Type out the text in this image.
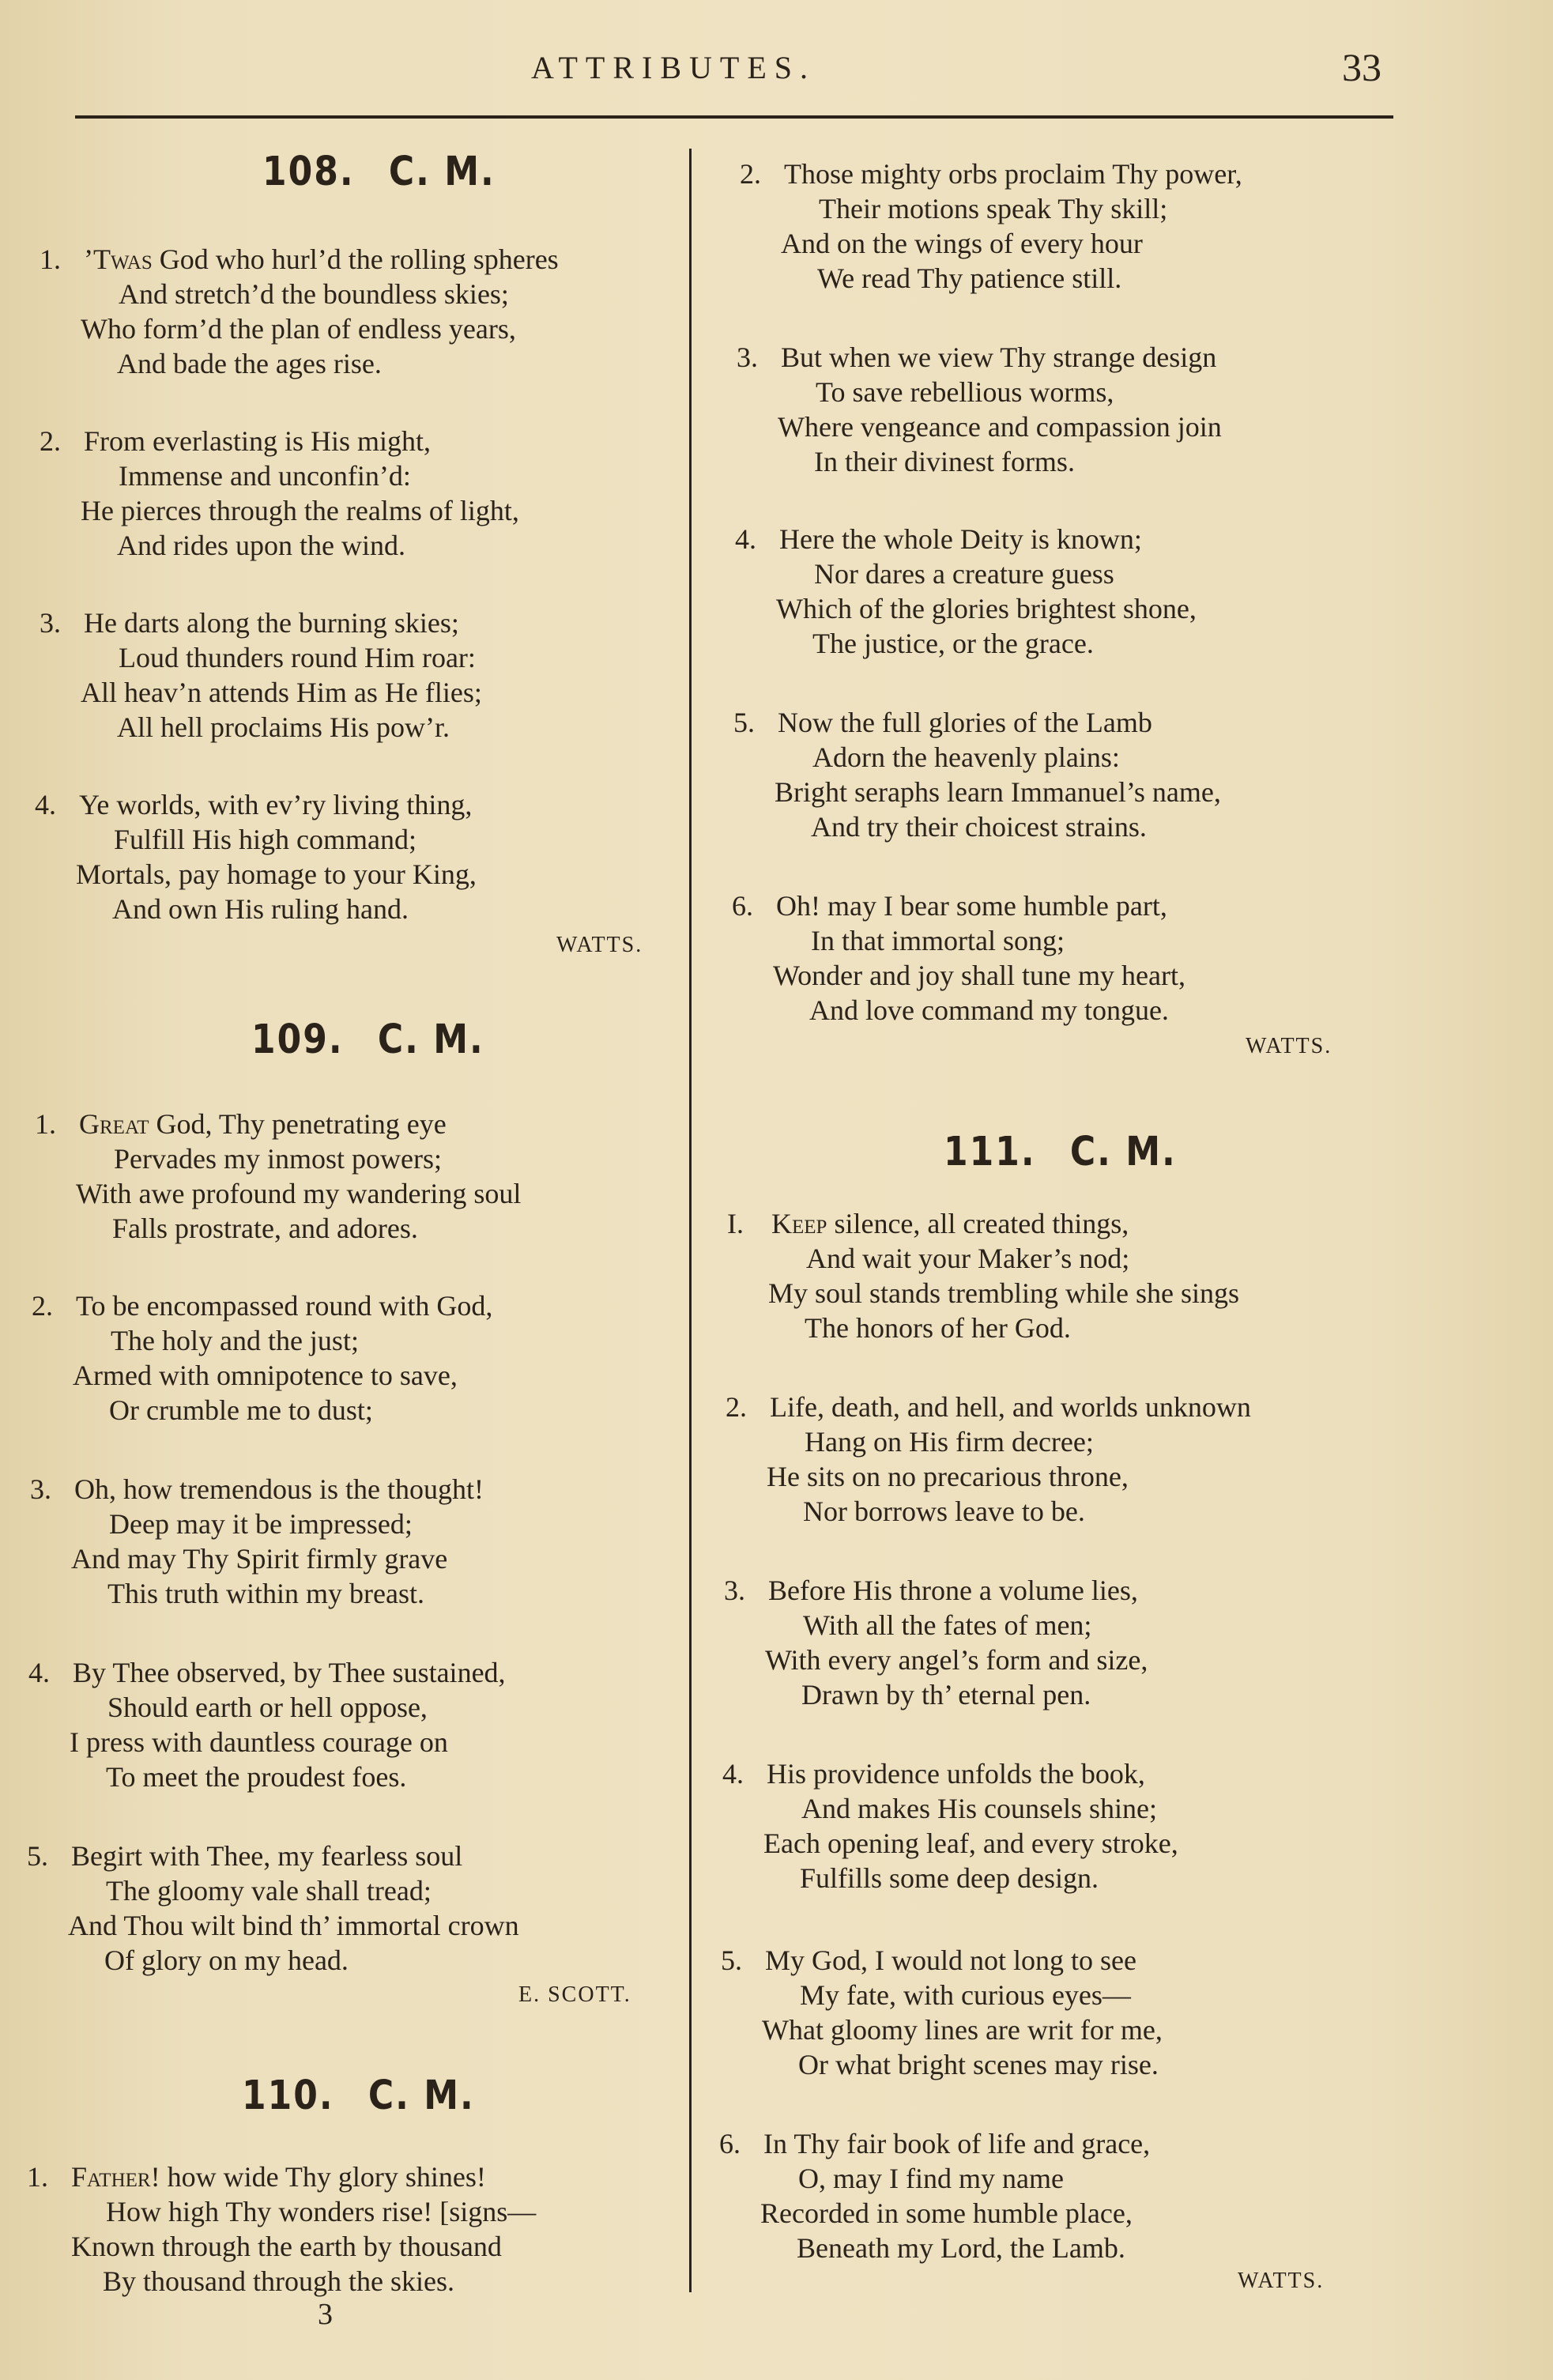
ATTRIBUTES.	33
108. C. M.
1. ’Twas God who hurl’d the rolling spheres
And stretch’d the boundless skies;
Who form’d the plan of endless years,
And bade the ages rise.
2. From everlasting is His might,
Immense and unconfin’d:
He pierces through the realms of light,
And rides upon the wind.
3. He darts along the burning skies;
Loud thunders round Him roar:
All heav’n attends Him as He flies;
All hell proclaims His pow’r.
4. Ye worlds, with ev’ry living thing,
Fulfill His high command;
Mortals, pay homage to your King,
And own His ruling hand.
WATTS.
109. C. M.
1. Great God, Thy penetrating eye
Pervades my inmost powers;
With awe profound my wandering soul
Falls prostrate, and adores.
2. To be encompassed round with God,
The holy and the just;
Armed with omnipotence to save,
Or crumble me to dust;
3. Oh, how tremendous is the thought!
Deep may it be impressed;
And may Thy Spirit firmly grave
This truth within my breast.
4. By Thee observed, by Thee sustained,
Should earth or hell oppose,
I press with dauntless courage on
To meet the proudest foes.
5. Begirt with Thee, my fearless soul
The gloomy vale shall tread;
And Thou wilt bind th’ immortal crown
Of glory on my head.
E. SCOTT.
110. C. M.
1. Father! how wide Thy glory shines!
How high Thy wonders rise! [signs—
Known through the earth by thousand
By thousand through the skies.
3
2. Those mighty orbs proclaim Thy power,
Their motions speak Thy skill;
And on the wings of every hour
We read Thy patience still.
3. But when we view Thy strange design
To save rebellious worms,
Where vengeance and compassion join
In their divinest forms.
4. Here the whole Deity is known;
Nor dares a creature guess
Which of the glories brightest shone,
The justice, or the grace.
5. Now the full glories of the Lamb
Adorn the heavenly plains:
Bright seraphs learn Immanuel’s name,
And try their choicest strains.
6. Oh! may I bear some humble part,
In that immortal song;
Wonder and joy shall tune my heart,
And love command my tongue.
WATTS.
111. C. M.
I. Keep silence, all created things,
And wait your Maker’s nod;
My soul stands trembling while she sings
The honors of her God.
2. Life, death, and hell, and worlds unknown
Hang on His firm decree;
He sits on no precarious throne,
Nor borrows leave to be.
3. Before His throne a volume lies,
With all the fates of men;
With every angel’s form and size,
Drawn by th’ eternal pen.
4. His providence unfolds the book,
And makes His counsels shine;
Each opening leaf, and every stroke,
Fulfills some deep design.
5. My God, I would not long to see
My fate, with curious eyes—
What gloomy lines are writ for me,
Or what bright scenes may rise.
6. In Thy fair book of life and grace,
O, may I find my name
Recorded in some humble place,
Beneath my Lord, the Lamb.
WATTS.
